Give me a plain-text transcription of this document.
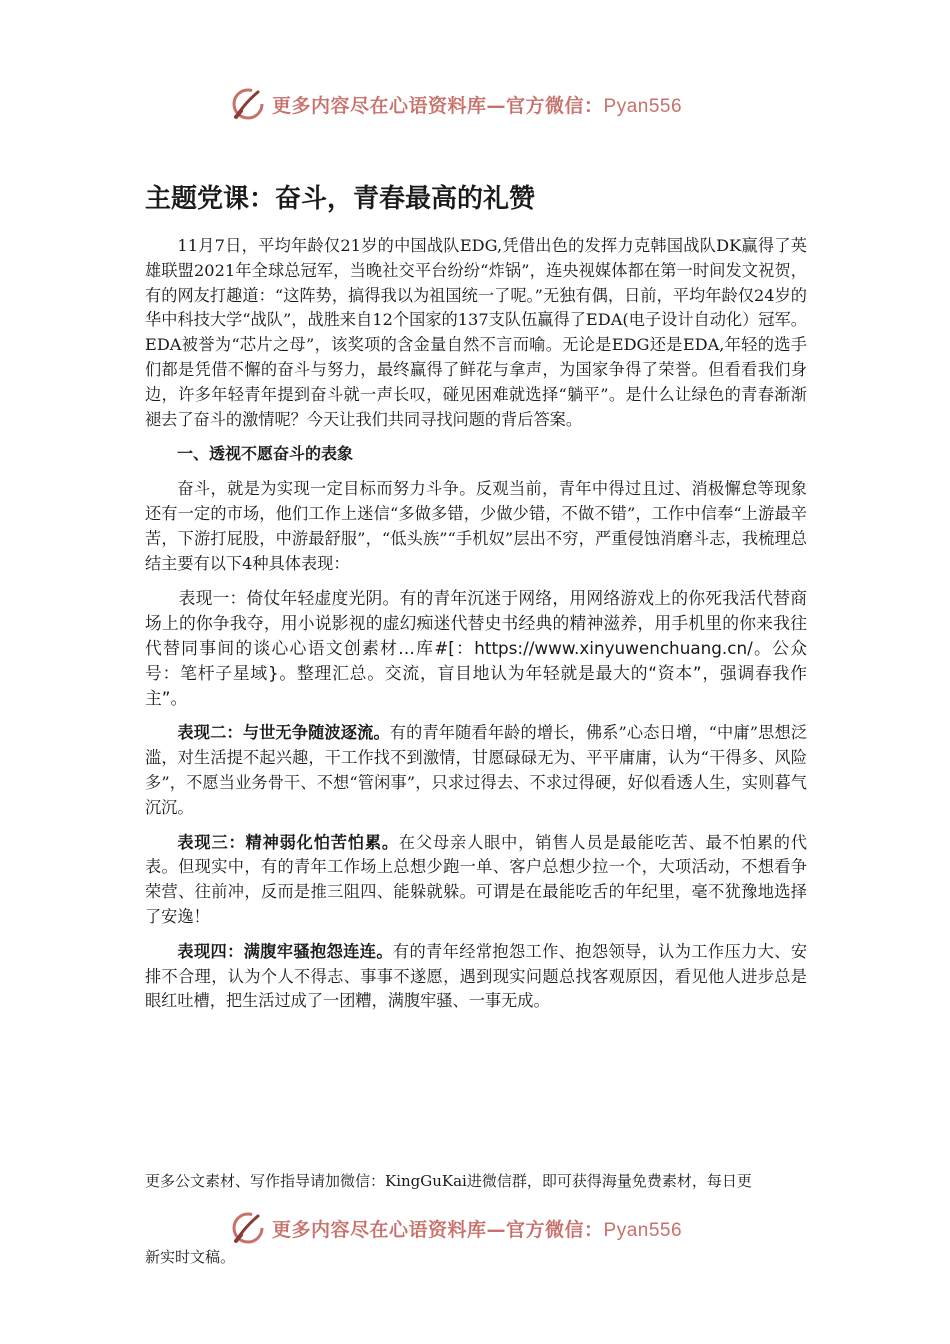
更多内容尽在心语资料库—官方微信：Pyan556
主题党课：奋斗，青春最高的礼赞

11月7日，平均年龄仅21岁的中国战队EDG,凭借出色的发挥力克韩国战队DK赢得了英雄联盟2021年全球总冠军，当晚社交平台纷纷“炸锅”，连央视媒体都在第一时间发文祝贺，有的网友打趣道：“这阵势，搞得我以为祖国统一了呢。”无独有偶，日前，平均年龄仅24岁的华中科技大学“战队”，战胜来自12个国家的137支队伍赢得了EDA(电子设计自动化）冠军。EDA被誉为“芯片之母”，该奖项的含金量自然不言而喻。无论是EDG还是EDA,年轻的选手们都是凭借不懈的奋斗与努力，最终赢得了鲜花与拿声，为国家争得了荣誉。但看看我们身边，许多年轻青年提到奋斗就一声长叹，碰见困难就选择“躺平”。是什么让绿色的青春渐渐褪去了奋斗的激情呢？今天让我们共同寻找问题的背后答案。

一、透视不愿奋斗的表象

奋斗，就是为实现一定目标而努力斗争。反观当前，青年中得过且过、消极懈怠等现象还有一定的市场，他们工作上迷信“多做多错，少做少错，不做不错”，工作中信奉“上游最辛苦，下游打屁股，中游最舒服”，“低头族”“手机奴”层出不穷，严重侵蚀消磨斗志，我梳理总结主要有以下4种具体表现：

表现一：倚仗年轻虚度光阴。有的青年沉迷于网络，用网络游戏上的你死我活代替商场上的你争我夺，用小说影视的虚幻痴迷代替史书经典的精神滋养，用手机里的你来我往代替同事间的谈心心语文创素材…库#[：https://www.xinyuwenchuang.cn/。公众号：笔杆子星域}。整理汇总。交流，盲目地认为年轻就是最大的“资本”，强调春我作主”。

表现二：与世无争随波逐流。有的青年随看年龄的增长，佛系”心态日增，“中庸”思想泛滥，对生活提不起兴趣，干工作找不到激情，甘愿碌碌无为、平平庸庸，认为“干得多、风险多”，不愿当业务骨干、不想“管闲事”，只求过得去、不求过得硬，好似看透人生，实则暮气沉沉。

表现三：精神弱化怕苦怕累。在父母亲人眼中，销售人员是最能吃苦、最不怕累的代表。但现实中，有的青年工作场上总想少跑一单、客户总想少拉一个，大项活动，不想看争荣营、往前冲，反而是推三阻四、能躲就躲。可谓是在最能吃舌的年纪里，毫不犹豫地选择了安逸！

表现四：满腹牢骚抱怨连连。有的青年经常抱怨工作、抱怨领导，认为工作压力大、安排不合理，认为个人不得志、事事不遂愿，遇到现实问题总找客观原因，看见他人进步总是眼红吐槽，把生活过成了一团糟，满腹牢骚、一事无成。

更多公文素材、写作指导请加微信：KingGuKai进微信群，即可获得海量免费素材，每日更
更多内容尽在心语资料库—官方微信：Pyan556
新实时文稿。
